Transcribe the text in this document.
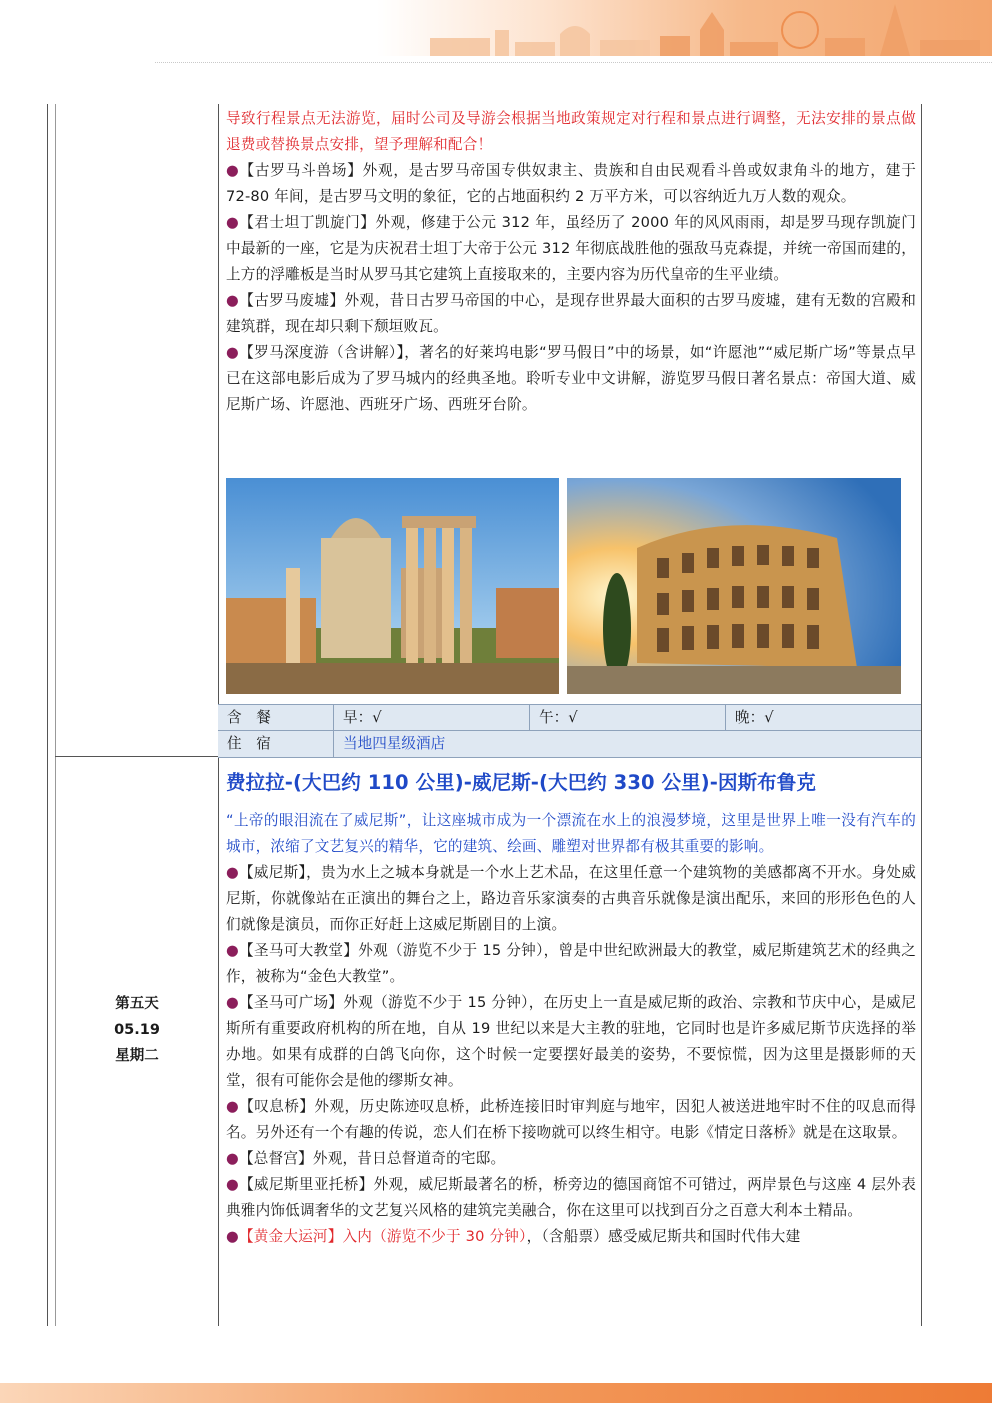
导致行程景点无法游览，届时公司及导游会根据当地政策规定对行程和景点进行调整，无法安排的景点做退费或替换景点安排，望予理解和配合！

●【古罗马斗兽场】外观，是古罗马帝国专供奴隶主、贵族和自由民观看斗兽或奴隶角斗的地方，建于 72-80 年间，是古罗马文明的象征，它的占地面积约 2 万平方米，可以容纳近九万人数的观众。

●【君士坦丁凯旋门】外观，修建于公元 312 年，虽经历了 2000 年的风风雨雨，却是罗马现存凯旋门中最新的一座，它是为庆祝君士坦丁大帝于公元 312 年彻底战胜他的强敌马克森提，并统一帝国而建的，上方的浮雕板是当时从罗马其它建筑上直接取来的，主要内容为历代皇帝的生平业绩。

●【古罗马废墟】外观，昔日古罗马帝国的中心，是现存世界最大面积的古罗马废墟，建有无数的宫殿和建筑群，现在却只剩下颓垣败瓦。

●【罗马深度游（含讲解）】，著名的好莱坞电影“罗马假日”中的场景，如“许愿池”“威尼斯广场”等景点早已在这部电影后成为了罗马城内的经典圣地。聆听专业中文讲解，游览罗马假日著名景点：帝国大道、威尼斯广场、许愿池、西班牙广场、西班牙台阶。

含　餐	早：√	午：√	晚：√
住　宿	当地四星级酒店
第五天
05.19
星期二
费拉拉-(大巴约 110 公里)-威尼斯-(大巴约 330 公里)-因斯布鲁克

“上帝的眼泪流在了威尼斯”，让这座城市成为一个漂流在水上的浪漫梦境，这里是世界上唯一没有汽车的城市，浓缩了文艺复兴的精华，它的建筑、绘画、雕塑对世界都有极其重要的影响。

●【威尼斯】，贵为水上之城本身就是一个水上艺术品，在这里任意一个建筑物的美感都离不开水。身处威尼斯，你就像站在正演出的舞台之上，路边音乐家演奏的古典音乐就像是演出配乐，来回的形形色色的人们就像是演员，而你正好赶上这威尼斯剧目的上演。

●【圣马可大教堂】外观（游览不少于 15 分钟），曾是中世纪欧洲最大的教堂，威尼斯建筑艺术的经典之作，被称为“金色大教堂”。

●【圣马可广场】外观（游览不少于 15 分钟），在历史上一直是威尼斯的政治、宗教和节庆中心，是威尼斯所有重要政府机构的所在地，自从 19 世纪以来是大主教的驻地，它同时也是许多威尼斯节庆选择的举办地。如果有成群的白鸽飞向你，这个时候一定要摆好最美的姿势，不要惊慌，因为这里是摄影师的天堂，很有可能你会是他的缪斯女神。

●【叹息桥】外观，历史陈迹叹息桥，此桥连接旧时审判庭与地牢，因犯人被送进地牢时不住的叹息而得名。另外还有一个有趣的传说，恋人们在桥下接吻就可以终生相守。电影《情定日落桥》就是在这取景。

●【总督宫】外观，昔日总督道奇的宅邸。

●【威尼斯里亚托桥】外观，威尼斯最著名的桥，桥旁边的德国商馆不可错过，两岸景色与这座 4 层外表典雅内饰低调奢华的文艺复兴风格的建筑完美融合，你在这里可以找到百分之百意大利本土精品。

●【黄金大运河】入内（游览不少于 30 分钟），（含船票）感受威尼斯共和国时代伟大建
